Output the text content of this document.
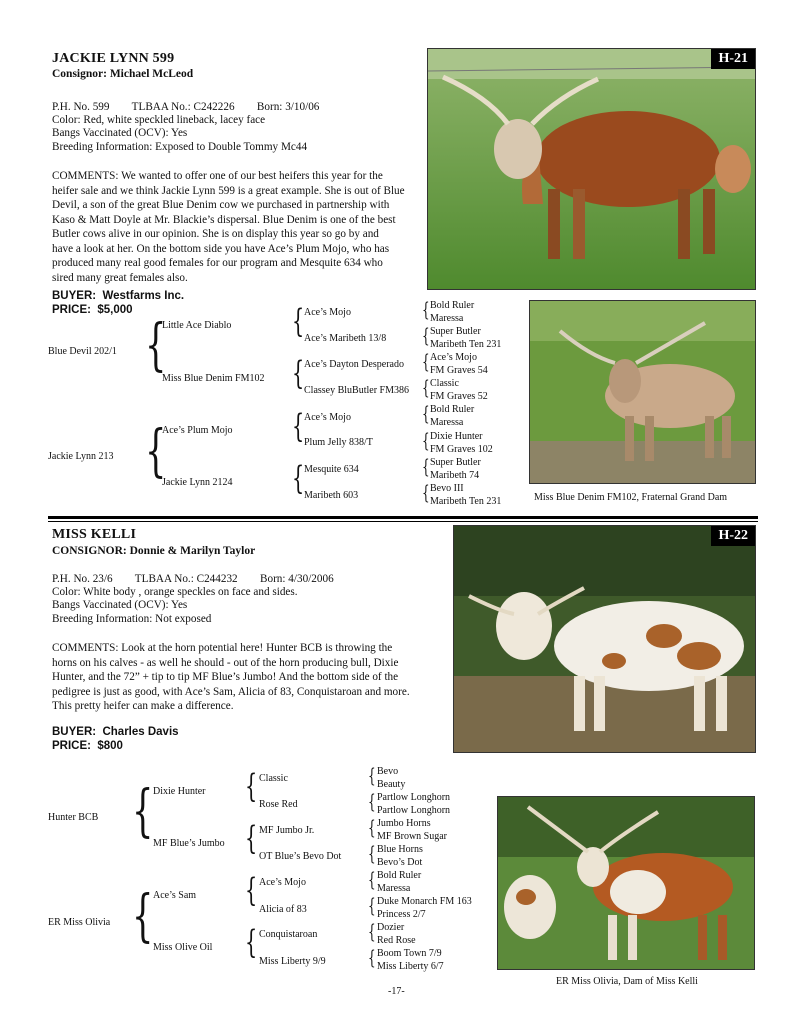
JACKIE LYNN 599
Consignor: Michael McLeod
P.H. No. 599        TLBAA No.: C242226        Born: 3/10/06
Color: Red, white speckled lineback, lacey face
Bangs Vaccinated (OCV): Yes
Breeding Information: Exposed to Double Tommy Mc44
COMMENTS: We wanted to offer one of our best heifers this year for the
heifer sale and we think Jackie Lynn 599 is a great example. She is out of Blue
Devil, a son of the great Blue Denim cow we purchased in partnership with
Kaso & Matt Doyle at Mr. Blackie’s dispersal. Blue Denim is one of the best
Butler cows alive in our opinion. She is on display this year so go by and
have a look at her. On the bottom side you have Ace’s Plum Mojo, who has
produced many real good females for our program and Mesquite 634 who
sired many great females also.
BUYER:  Westfarms Inc.
PRICE:  $5,000
H-21
Miss Blue Denim FM102, Fraternal Grand Dam
Blue Devil 202/1
Jackie Lynn 213
{
{
Little Ace Diablo
Miss Blue Denim FM102
Ace’s Plum Mojo
Jackie Lynn 2124
{
{
{
{
Ace’s Mojo
Ace’s Maribeth 13/8
Ace’s Dayton Desperado
Classey BluButler FM386
Ace’s Mojo
Plum Jelly 838/T
Mesquite 634
Maribeth 603
{
{
{
{
{
{
{
{
Bold Ruler
Maressa
Super Butler
Maribeth Ten 231
Ace’s Mojo
FM Graves 54
Classic
FM Graves 52
Bold Ruler
Maressa
Dixie Hunter
FM Graves 102
Super Butler
Maribeth 74
Bevo III
Maribeth Ten 231
MISS KELLI
CONSIGNOR: Donnie & Marilyn Taylor
P.H. No. 23/6        TLBAA No.: C244232        Born: 4/30/2006
Color: White body , orange speckles on face and sides.
Bangs Vaccinated (OCV): Yes
Breeding Information: Not exposed
COMMENTS: Look at the horn potential here! Hunter BCB is throwing the
horns on his calves - as well he should - out of the horn producing bull, Dixie
Hunter, and the 72” + tip to tip MF Blue’s Jumbo! And the bottom side of the
pedigree is just as good, with Ace’s Sam, Alicia of 83, Conquistaroan and more.
This pretty heifer can make a difference.
BUYER:  Charles Davis
PRICE:  $800
H-22
ER Miss Olivia, Dam of Miss Kelli
Hunter BCB
ER Miss Olivia
{
{
Dixie Hunter
MF Blue’s Jumbo
Ace’s Sam
Miss Olive Oil
{
{
{
{
Classic
Rose Red
MF Jumbo Jr.
OT Blue’s Bevo Dot
Ace’s Mojo
Alicia of 83
Conquistaroan
Miss Liberty 9/9
{
{
{
{
{
{
{
{
Bevo
Beauty
Partlow Longhorn
Partlow Longhorn
Jumbo Horns
MF Brown Sugar
Blue Horns
Bevo’s Dot
Bold Ruler
Maressa
Duke Monarch FM 163
Princess 2/7
Dozier
Red Rose
Boom Town 7/9
Miss Liberty 6/7
-17-
